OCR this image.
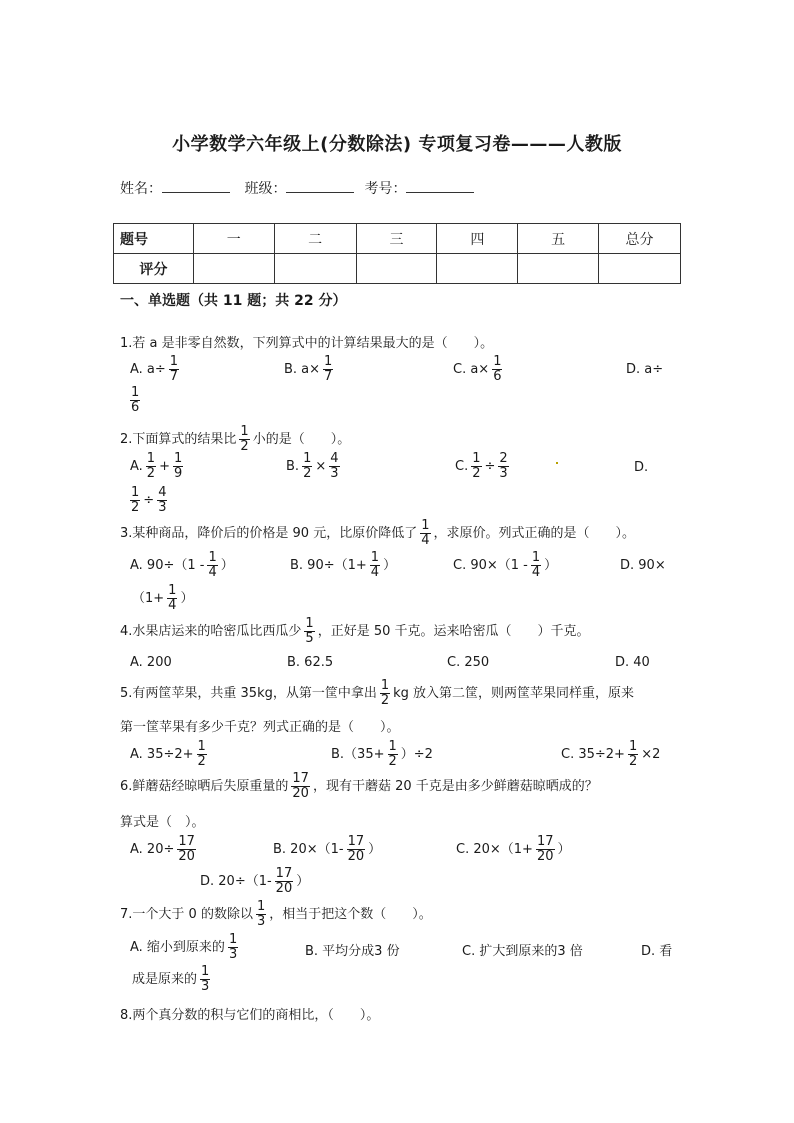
小学数学六年级上(分数除法) 专项复习卷———人教版
姓名：	班级：	考号：
题号	一	二	三	四	五	总分
评分						
一、单选题（共 11 题；共 22 分）
1.若 a 是非零自然数，下列算式中的计算结果最大的是（　　）。
A. $a\div \frac{1}{7}$	B. $a\times \frac{1}{7}$	C. $a\times \frac{1}{6}$	D. a÷
$\frac{1}{6}$
2.下面算式的结果比 $\frac{1}{2}$ 小的是（　　）。
A. $\frac{1}{2} + \frac{1}{9}$	B. $\frac{1}{2} \times \frac{4}{3}$	C. $\frac{1}{2} \div \frac{2}{3}$	D.
$\frac{1}{2} \div \frac{4}{3}$
3.某种商品，降价后的价格是 90 元，比原价降低了 $\frac{1}{4}$ ，求原价。列式正确的是（　　）。
A. $90\div(1 - \frac{1}{4}$ ）	B. $90\div(1+ \frac{1}{4}$ ）	C. $90\times(1 - \frac{1}{4}$ ）	D. 90×
（$1+ \frac{1}{4}$ ）
4.水果店运来的哈密瓜比西瓜少 $\frac{1}{5}$ ，正好是 50 千克。运来哈密瓜（　　）千克。
A. 200	B. 62.5	C. 250	D. 40
5.有两筐苹果，共重 35kg，从第一筐中拿出 $\frac{1}{2}$ kg 放入第二筐，则两筐苹果同样重，原来
第一筐苹果有多少千克？列式正确的是（　　）。
A. $35\div 2+ \frac{1}{2}$	$B.(35+ \frac{1}{2} )\div 2$	C. $35\div 2+ \frac{1}{2} \times 2$
6.鲜蘑菇经晾晒后失原重量的 $\frac{17}{20}$ ，现有干蘑菇 20 千克是由多少鲜蘑菇晾晒成的？
算式是（　）。
A. $20\div \frac{17}{20}$	B. $20\times(1- \frac{17}{20}$ ）	C. $20\times(1+ \frac{17}{20}$ ）
D. $20\div(1- \frac{17}{20}$ ）
7.一个大于 0 的数除以 $\frac{1}{3}$ ，相当于把这个数（　　）。
A. 缩小到原来的 $\frac{1}{3}$	B. 平均分成3 份	C. 扩大到原来的3 倍	D. 看
成是原来的 $\frac{1}{3}$
8.两个真分数的积与它们的商相比，（　　）。
